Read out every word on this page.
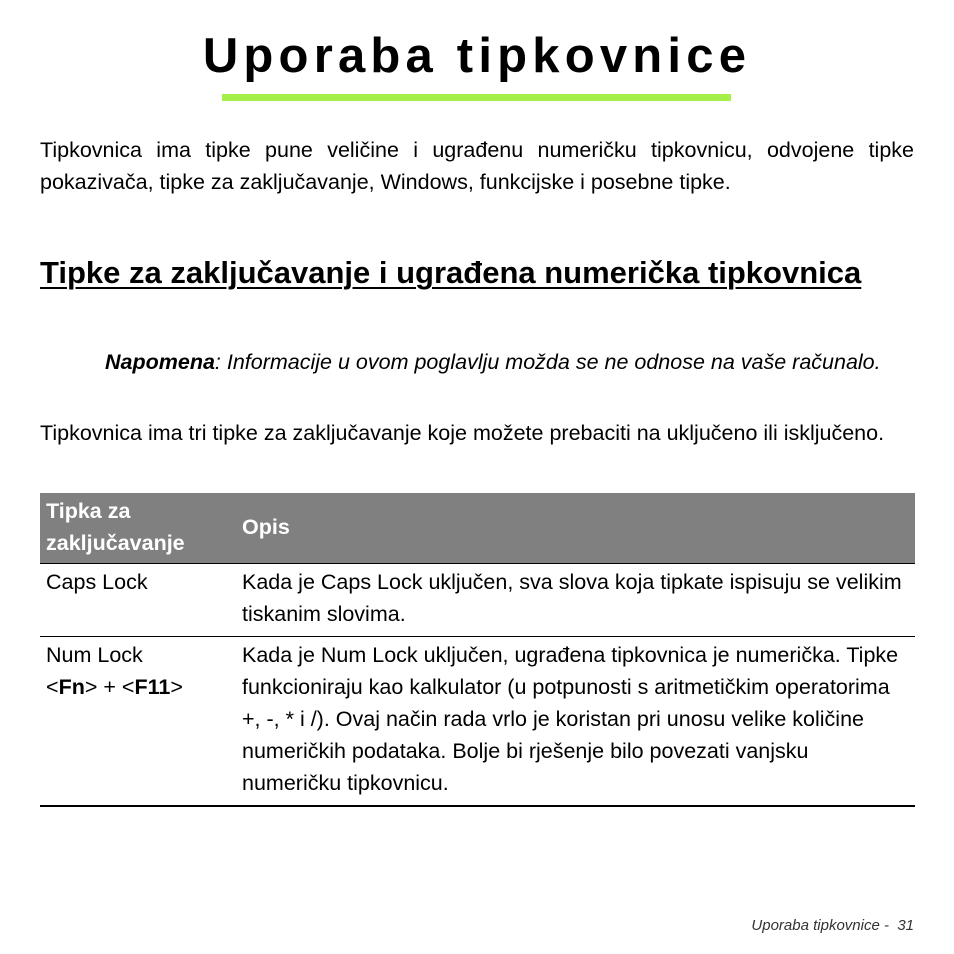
Uporaba tipkovnice

Tipkovnica ima tipke pune veličine i ugrađenu numeričku tipkovnicu, odvojene tipke pokazivača, tipke za zaključavanje, Windows, funkcijske i posebne tipke.

Tipke za zaključavanje i ugrađena numerička tipkovnica

Napomena: Informacije u ovom poglavlju možda se ne odnose na vaše računalo.

Tipkovnica ima tri tipke za zaključavanje koje možete prebaciti na uključeno ili isključeno.

Tipka za zaključavanje	Opis
Caps Lock	Kada je Caps Lock uključen, sva slova koja tipkate ispisuju se velikim tiskanim slovima.

Num Lock
<Fn> + <F11>	Kada je Num Lock uključen, ugrađena tipkovnica je numerička. Tipke funkcioniraju kao kalkulator (u potpunosti s aritmetičkim operatorima +, -, * i /). Ovaj način rada vrlo je koristan pri unosu velike količine numeričkih podataka. Bolje bi rješenje bilo povezati vanjsku numeričku tipkovnicu.

Uporaba tipkovnice -  31
